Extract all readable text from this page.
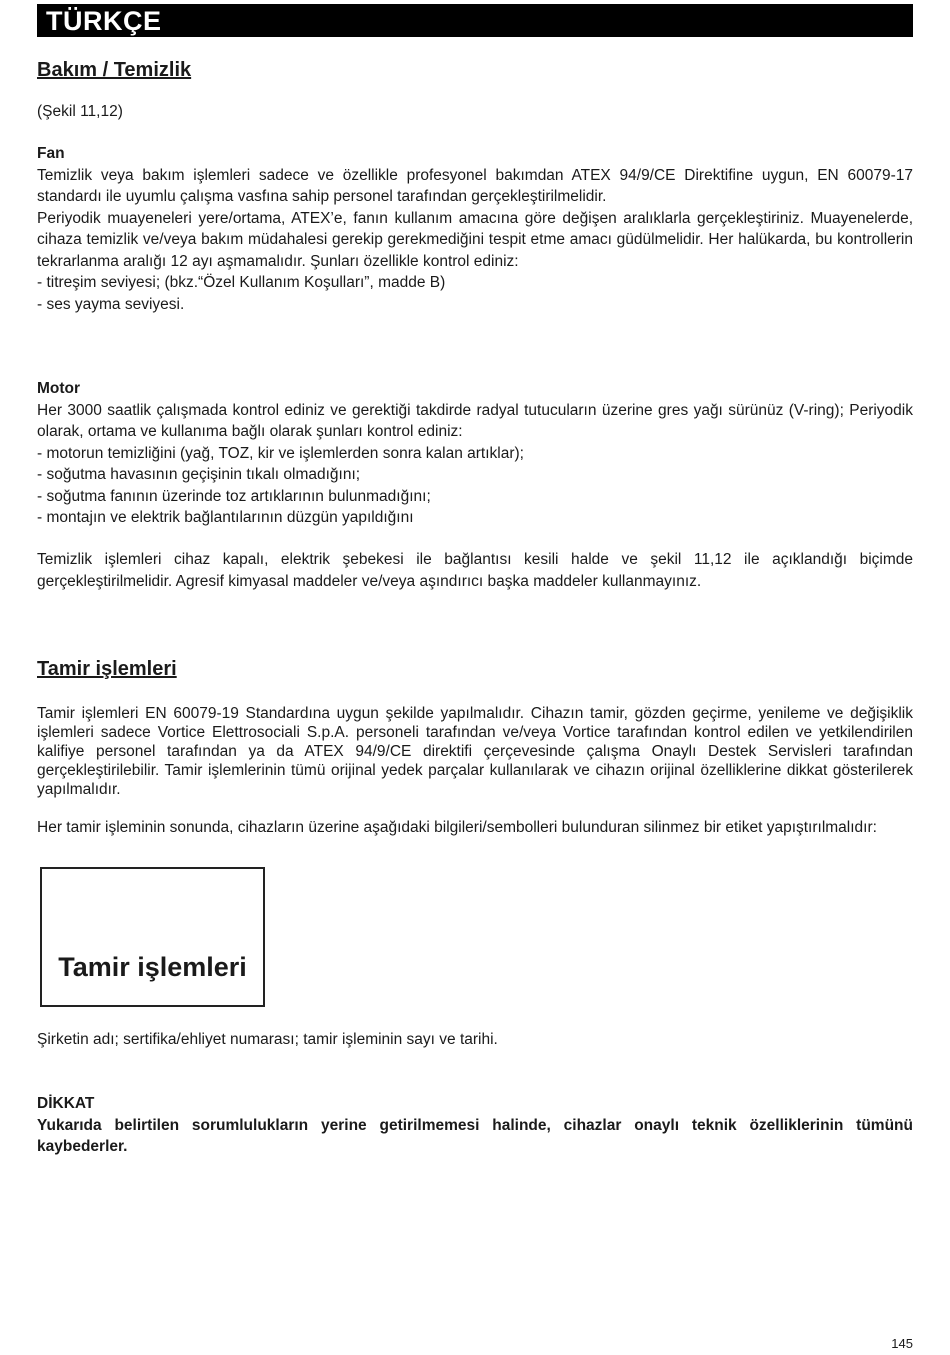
TÜRKÇE
Bakım / Temizlik
(Şekil 11,12)
Fan
Temizlik veya bakım işlemleri sadece ve özellikle profesyonel bakımdan ATEX 94/9/CE Direktifine uygun, EN 60079-17 standardı ile uyumlu çalışma vasfına sahip personel tarafından gerçekleştirilmelidir.
Periyodik muayeneleri yere/ortama, ATEX’e, fanın kullanım amacına göre değişen aralıklarla gerçekleştiriniz. Muayenelerde, cihaza temizlik ve/veya bakım müdahalesi gerekip gerekmediğini tespit etme amacı güdülmelidir. Her halükarda, bu kontrollerin tekrarlanma aralığı 12 ayı aşmamalıdır. Şunları özellikle kontrol ediniz:
- titreşim seviyesi; (bkz.“Özel Kullanım Koşulları”, madde B)
- ses yayma seviyesi.
Motor
Her 3000 saatlik çalışmada kontrol ediniz ve gerektiği takdirde radyal tutucuların üzerine gres yağı sürünüz (V-ring); Periyodik olarak, ortama ve kullanıma bağlı olarak şunları kontrol ediniz:
- motorun temizliğini (yağ, TOZ, kir ve işlemlerden sonra kalan artıklar);
- soğutma havasının geçişinin tıkalı olmadığını;
- soğutma fanının üzerinde toz artıklarının bulunmadığını;
- montajın ve elektrik bağlantılarının düzgün yapıldığını
Temizlik işlemleri cihaz kapalı, elektrik şebekesi ile bağlantısı kesili halde ve şekil 11,12 ile açıklandığı biçimde gerçekleştirilmelidir. Agresif kimyasal maddeler ve/veya aşındırıcı başka maddeler kullanmayınız.
Tamir işlemleri
Tamir işlemleri EN 60079-19 Standardına uygun şekilde yapılmalıdır. Cihazın tamir, gözden geçirme, yenileme ve değişiklik işlemleri sadece Vortice Elettrosociali S.p.A. personeli tarafından ve/veya Vortice tarafından kontrol edilen ve yetkilendirilen kalifiye personel tarafından ya da ATEX 94/9/CE direktifi çerçevesinde çalışma Onaylı Destek Servisleri tarafından gerçekleştirilebilir. Tamir işlemlerinin tümü orijinal yedek parçalar kullanılarak ve cihazın orijinal özelliklerine dikkat gösterilerek yapılmalıdır.
Her tamir işleminin sonunda, cihazların üzerine aşağıdaki bilgileri/sembolleri bulunduran silinmez bir etiket yapıştırılmalıdır:
Tamir işlemleri
Şirketin adı; sertifika/ehliyet numarası; tamir işleminin sayı ve tarihi.
DİKKAT
Yukarıda belirtilen sorumlulukların yerine getirilmemesi halinde, cihazlar onaylı teknik özelliklerinin tümünü kaybederler.
145
